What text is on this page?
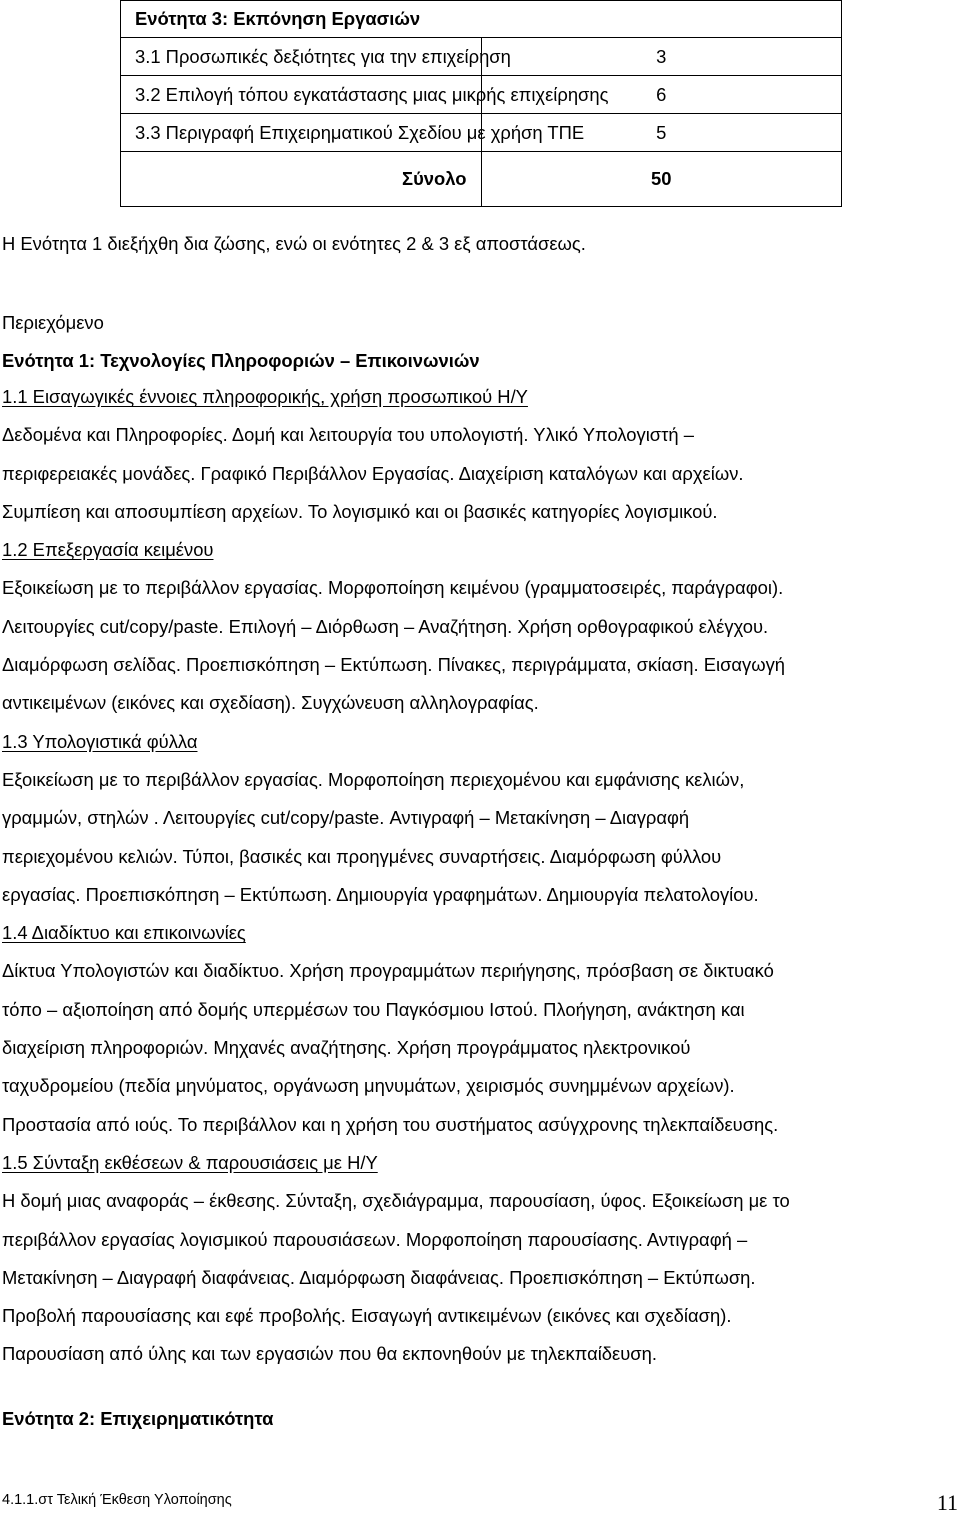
Ενότητα 3: Εκπόνηση Εργασιών	
3.1 Προσωπικές δεξιότητες για την επιχείρηση	3
3.2 Επιλογή τόπου εγκατάστασης μιας μικρής επιχείρησης	6
3.3 Περιγραφή Επιχειρηματικού Σχεδίου με χρήση ΤΠΕ	5
Σύνολο	50
Η Ενότητα 1 διεξήχθη δια ζώσης, ενώ οι ενότητες 2 & 3 εξ αποστάσεως.
Περιεχόμενο
Ενότητα 1: Τεχνολογίες Πληροφοριών – Επικοινωνιών
1.1 Εισαγωγικές έννοιες πληροφορικής, χρήση προσωπικού Η/Υ
Δεδομένα και Πληροφορίες. Δομή και λειτουργία του υπολογιστή. Υλικό Υπολογιστή –
περιφερειακές μονάδες. Γραφικό Περιβάλλον Εργασίας. Διαχείριση καταλόγων και αρχείων.
Συμπίεση και αποσυμπίεση αρχείων. Το λογισμικό και οι βασικές κατηγορίες λογισμικού.
1.2 Επεξεργασία κειμένου
Εξοικείωση με το περιβάλλον εργασίας. Μορφοποίηση κειμένου (γραμματοσειρές, παράγραφοι).
Λειτουργίες cut/copy/paste. Επιλογή – Διόρθωση – Αναζήτηση. Χρήση ορθογραφικού ελέγχου.
Διαμόρφωση σελίδας. Προεπισκόπηση – Εκτύπωση. Πίνακες, περιγράμματα, σκίαση. Εισαγωγή
αντικειμένων (εικόνες και σχεδίαση). Συγχώνευση αλληλογραφίας.
1.3 Υπολογιστικά φύλλα
Εξοικείωση με το περιβάλλον εργασίας. Μορφοποίηση περιεχομένου και εμφάνισης κελιών,
γραμμών, στηλών . Λειτουργίες cut/copy/paste. Αντιγραφή – Μετακίνηση – Διαγραφή
περιεχομένου κελιών. Τύποι, βασικές και προηγμένες συναρτήσεις. Διαμόρφωση φύλλου
εργασίας. Προεπισκόπηση – Εκτύπωση. Δημιουργία γραφημάτων. Δημιουργία πελατολογίου.
1.4 Διαδίκτυο και επικοινωνίες
Δίκτυα Υπολογιστών και διαδίκτυο. Χρήση προγραμμάτων περιήγησης, πρόσβαση σε δικτυακό
τόπο – αξιοποίηση από δομής υπερμέσων του Παγκόσμιου Ιστού. Πλοήγηση, ανάκτηση και
διαχείριση πληροφοριών. Μηχανές αναζήτησης. Χρήση προγράμματος ηλεκτρονικού
ταχυδρομείου (πεδία μηνύματος, οργάνωση μηνυμάτων, χειρισμός συνημμένων αρχείων).
Προστασία από ιούς. Το περιβάλλον και η χρήση του συστήματος ασύγχρονης τηλεκπαίδευσης.
1.5 Σύνταξη εκθέσεων & παρουσιάσεις με Η/Υ
Η δομή μιας αναφοράς – έκθεσης. Σύνταξη, σχεδιάγραμμα, παρουσίαση, ύφος. Εξοικείωση με το
περιβάλλον εργασίας λογισμικού παρουσιάσεων. Μορφοποίηση παρουσίασης. Αντιγραφή –
Μετακίνηση – Διαγραφή διαφάνειας. Διαμόρφωση διαφάνειας. Προεπισκόπηση – Εκτύπωση.
Προβολή παρουσίασης και εφέ προβολής. Εισαγωγή αντικειμένων (εικόνες και σχεδίαση).
Παρουσίαση από ύλης και των εργασιών που θα εκπονηθούν με τηλεκπαίδευση.
Ενότητα 2: Επιχειρηματικότητα
4.1.1.στ Τελική Έκθεση Υλοποίησης	11
